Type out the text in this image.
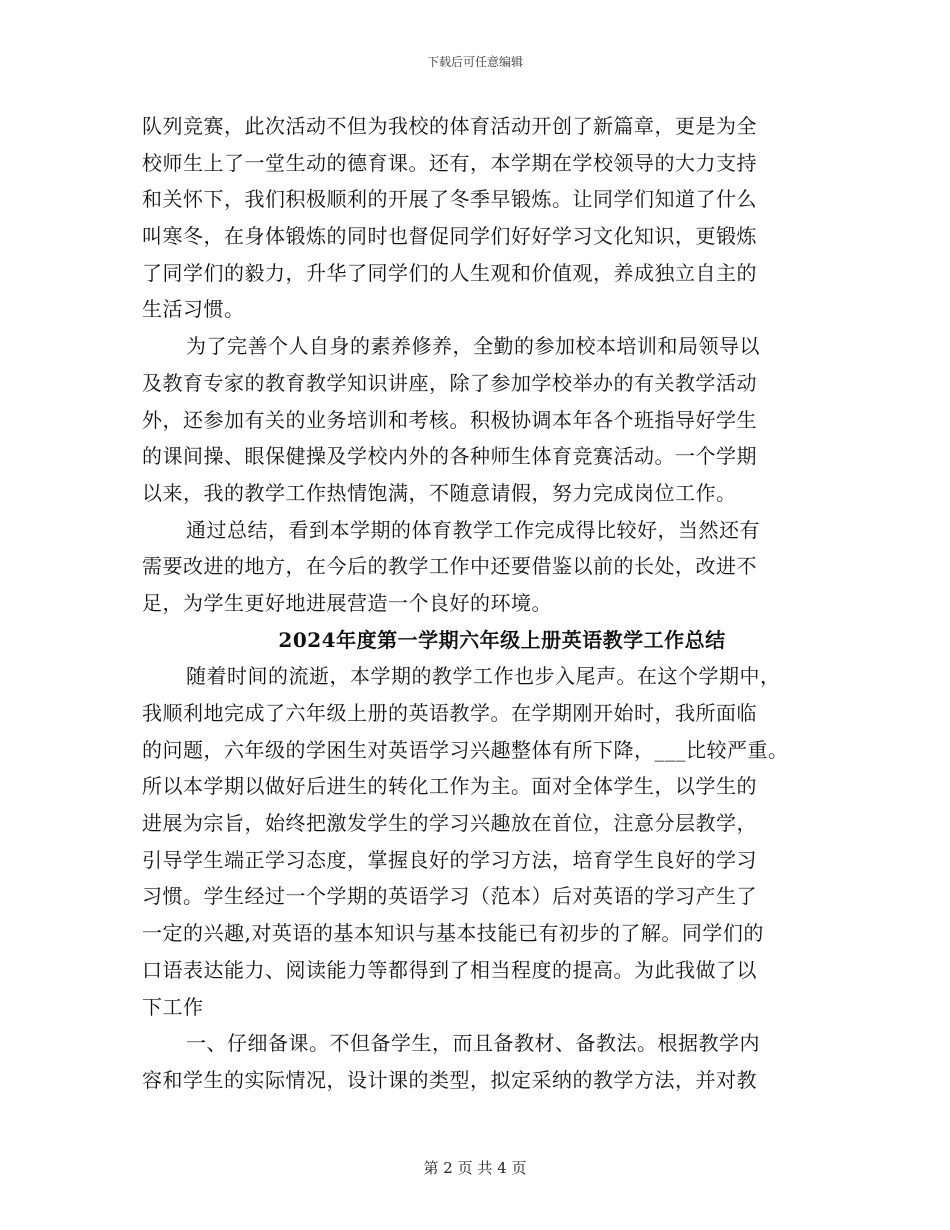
下载后可任意编辑
队列竞赛，此次活动不但为我校的体育活动开创了新篇章，更是为全
校师生上了一堂生动的德育课。还有，本学期在学校领导的大力支持
和关怀下，我们积极顺利的开展了冬季早锻炼。让同学们知道了什么
叫寒冬，在身体锻炼的同时也督促同学们好好学习文化知识，更锻炼
了同学们的毅力，升华了同学们的人生观和价值观，养成独立自主的
生活习惯。
为了完善个人自身的素养修养，全勤的参加校本培训和局领导以
及教育专家的教育教学知识讲座，除了参加学校举办的有关教学活动
外，还参加有关的业务培训和考核。积极协调本年各个班指导好学生
的课间操、眼保健操及学校内外的各种师生体育竞赛活动。一个学期
以来，我的教学工作热情饱满，不随意请假，努力完成岗位工作。
通过总结，看到本学期的体育教学工作完成得比较好，当然还有
需要改进的地方，在今后的教学工作中还要借鉴以前的长处，改进不
足，为学生更好地进展营造一个良好的环境。
2024年度第一学期六年级上册英语教学工作总结
随着时间的流逝，本学期的教学工作也步入尾声。在这个学期中，
我顺利地完成了六年级上册的英语教学。在学期刚开始时，我所面临
的问题，六年级的学困生对英语学习兴趣整体有所下降，___比较严重。
所以本学期以做好后进生的转化工作为主。面对全体学生，以学生的
进展为宗旨，始终把激发学生的学习兴趣放在首位，注意分层教学，
引导学生端正学习态度，掌握良好的学习方法，培育学生良好的学习
习惯。学生经过一个学期的英语学习（范本）后对英语的学习产生了
一定的兴趣,对英语的基本知识与基本技能已有初步的了解。同学们的
口语表达能力、阅读能力等都得到了相当程度的提高。为此我做了以
下工作
一、仔细备课。不但备学生，而且备教材、备教法。根据教学内
容和学生的实际情况，设计课的类型，拟定采纳的教学方法，并对教
第 2 页 共 4 页
